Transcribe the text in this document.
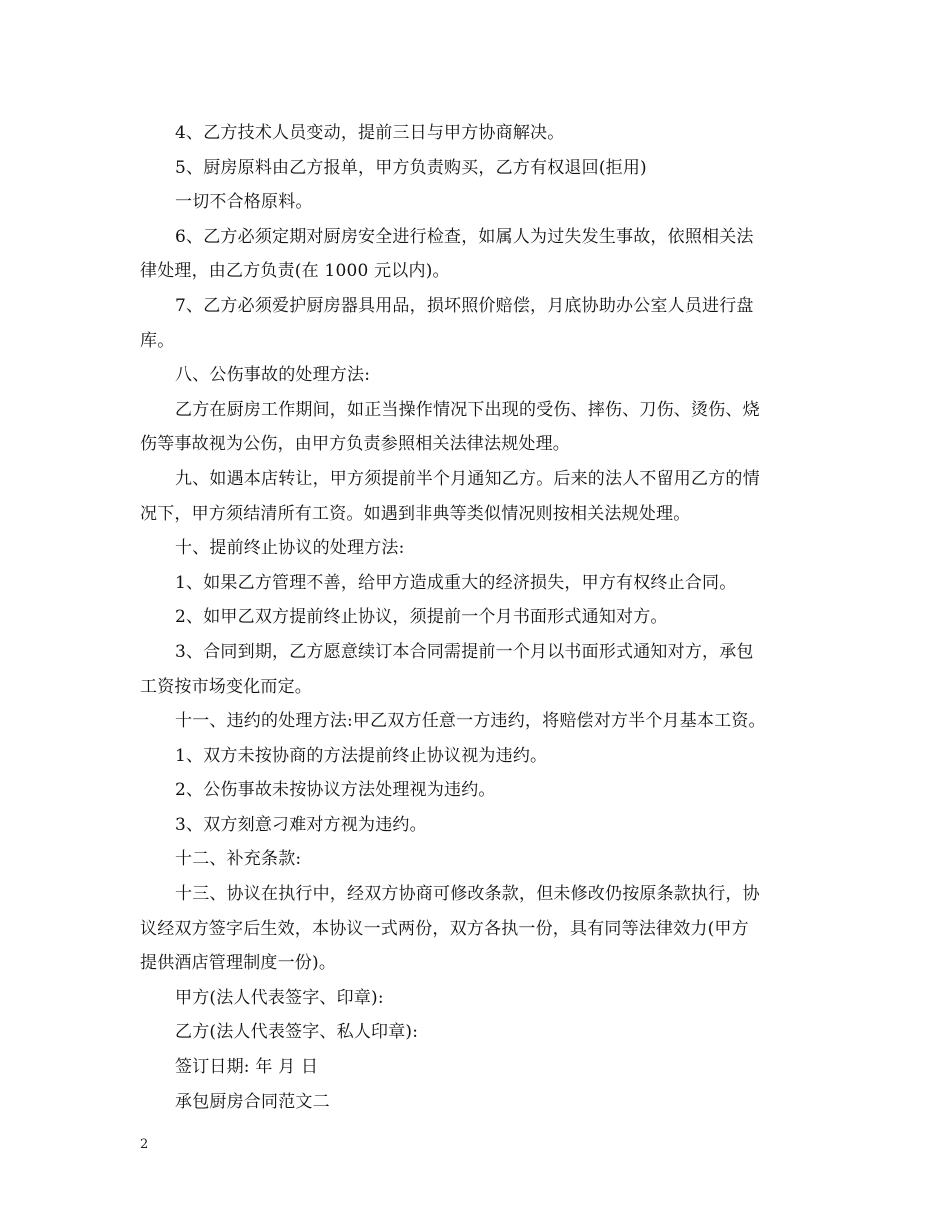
4、乙方技术人员变动，提前三日与甲方协商解决。
5、厨房原料由乙方报单，甲方负责购买，乙方有权退回(拒用)
一切不合格原料。
6、乙方必须定期对厨房安全进行检查，如属人为过失发生事故，依照相关法
律处理，由乙方负责(在 1000 元以内)。
7、乙方必须爱护厨房器具用品，损坏照价赔偿，月底协助办公室人员进行盘
库。
八、公伤事故的处理方法:
乙方在厨房工作期间，如正当操作情况下出现的受伤、摔伤、刀伤、烫伤、烧
伤等事故视为公伤，由甲方负责参照相关法律法规处理。
九、如遇本店转让，甲方须提前半个月通知乙方。后来的法人不留用乙方的情
况下，甲方须结清所有工资。如遇到非典等类似情况则按相关法规处理。
十、提前终止协议的处理方法:
1、如果乙方管理不善，给甲方造成重大的经济损失，甲方有权终止合同。
2、如甲乙双方提前终止协议，须提前一个月书面形式通知对方。
3、合同到期，乙方愿意续订本合同需提前一个月以书面形式通知对方，承包
工资按市场变化而定。
十一、违约的处理方法:甲乙双方任意一方违约，将赔偿对方半个月基本工资。
1、双方未按协商的方法提前终止协议视为违约。
2、公伤事故未按协议方法处理视为违约。
3、双方刻意刁难对方视为违约。
十二、补充条款:
十三、协议在执行中，经双方协商可修改条款，但未修改仍按原条款执行，协
议经双方签字后生效，本协议一式两份，双方各执一份，具有同等法律效力(甲方
提供酒店管理制度一份)。
甲方(法人代表签字、印章):
乙方(法人代表签字、私人印章):
签订日期: 年 月 日
承包厨房合同范文二
2
